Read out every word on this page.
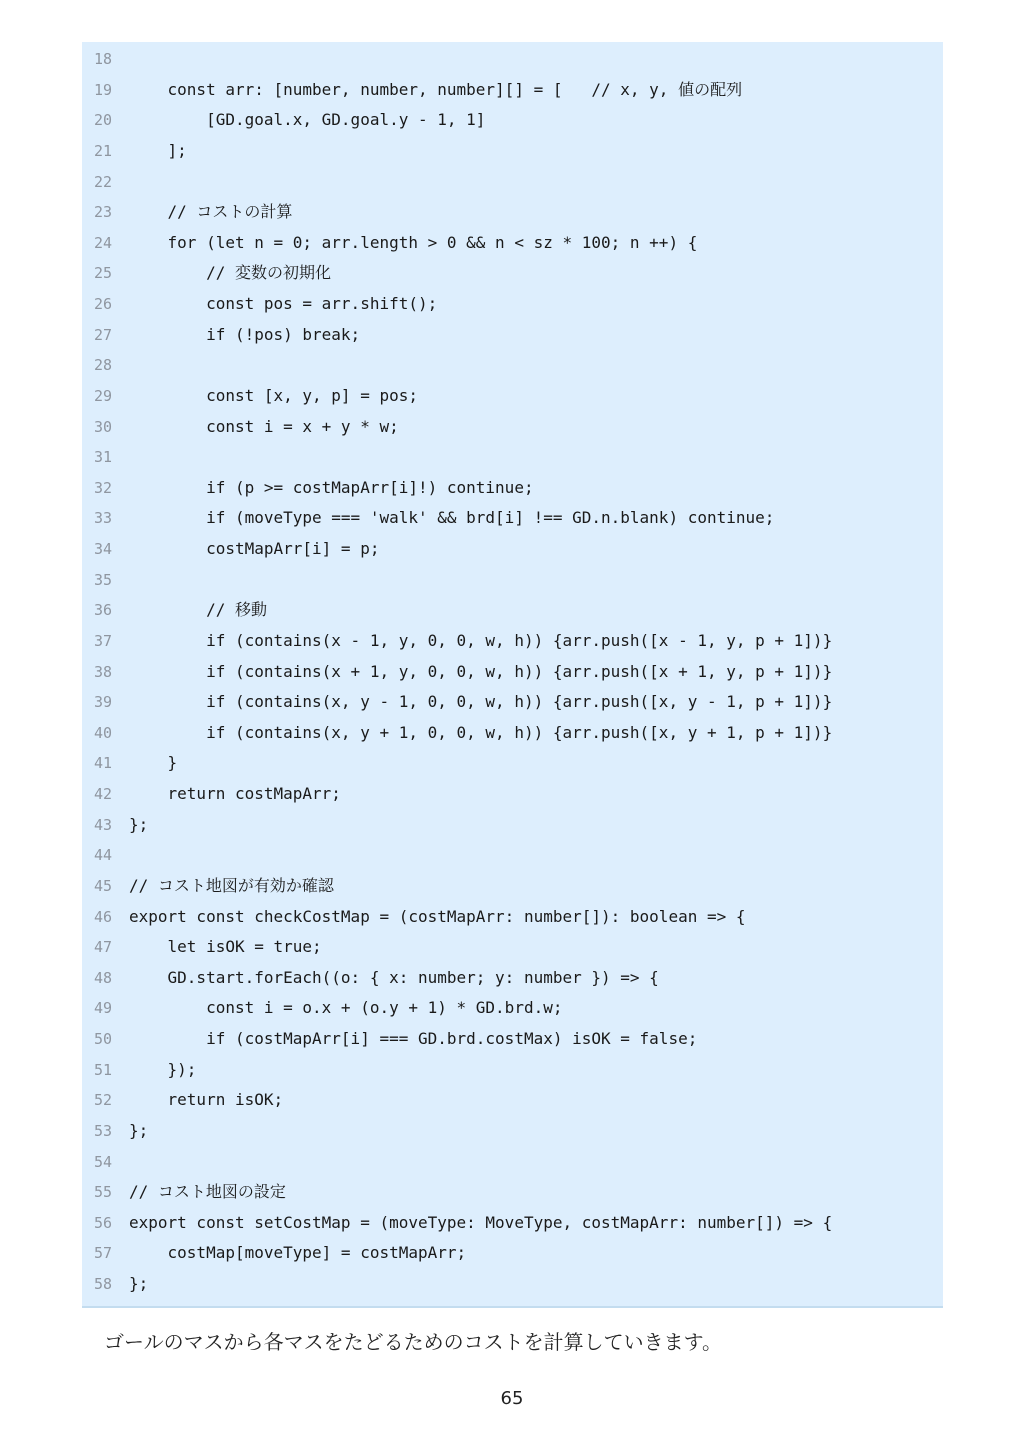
18
19 const arr: [number, number, number][] = [   // x, y, 値の配列
20 [GD.goal.x, GD.goal.y - 1, 1]
21 ];
22
23 // コストの計算
24 for (let n = 0; arr.length > 0 && n < sz * 100; n ++) {
25 // 変数の初期化
26 const pos = arr.shift();
27 if (!pos) break;
28
29 const [x, y, p] = pos;
30 const i = x + y * w;
31
32 if (p >= costMapArr[i]!) continue;
33 if (moveType === 'walk' && brd[i] !== GD.n.blank) continue;
34 costMapArr[i] = p;
35
36 // 移動
37 if (contains(x - 1, y, 0, 0, w, h)) {arr.push([x - 1, y, p + 1])}
38 if (contains(x + 1, y, 0, 0, w, h)) {arr.push([x + 1, y, p + 1])}
39 if (contains(x, y - 1, 0, 0, w, h)) {arr.push([x, y - 1, p + 1])}
40 if (contains(x, y + 1, 0, 0, w, h)) {arr.push([x, y + 1, p + 1])}
41 }
42 return costMapArr;
43 };
44
45 // コスト地図が有効か確認
46 export const checkCostMap = (costMapArr: number[]): boolean => {
47 let isOK = true;
48 GD.start.forEach((o: { x: number; y: number }) => {
49 const i = o.x + (o.y + 1) * GD.brd.w;
50 if (costMapArr[i] === GD.brd.costMax) isOK = false;
51 });
52 return isOK;
53 };
54
55 // コスト地図の設定
56 export const setCostMap = (moveType: MoveType, costMapArr: number[]) => {
57 costMap[moveType] = costMapArr;
58 };

ゴールのマスから各マスをたどるためのコストを計算していきます。

65
